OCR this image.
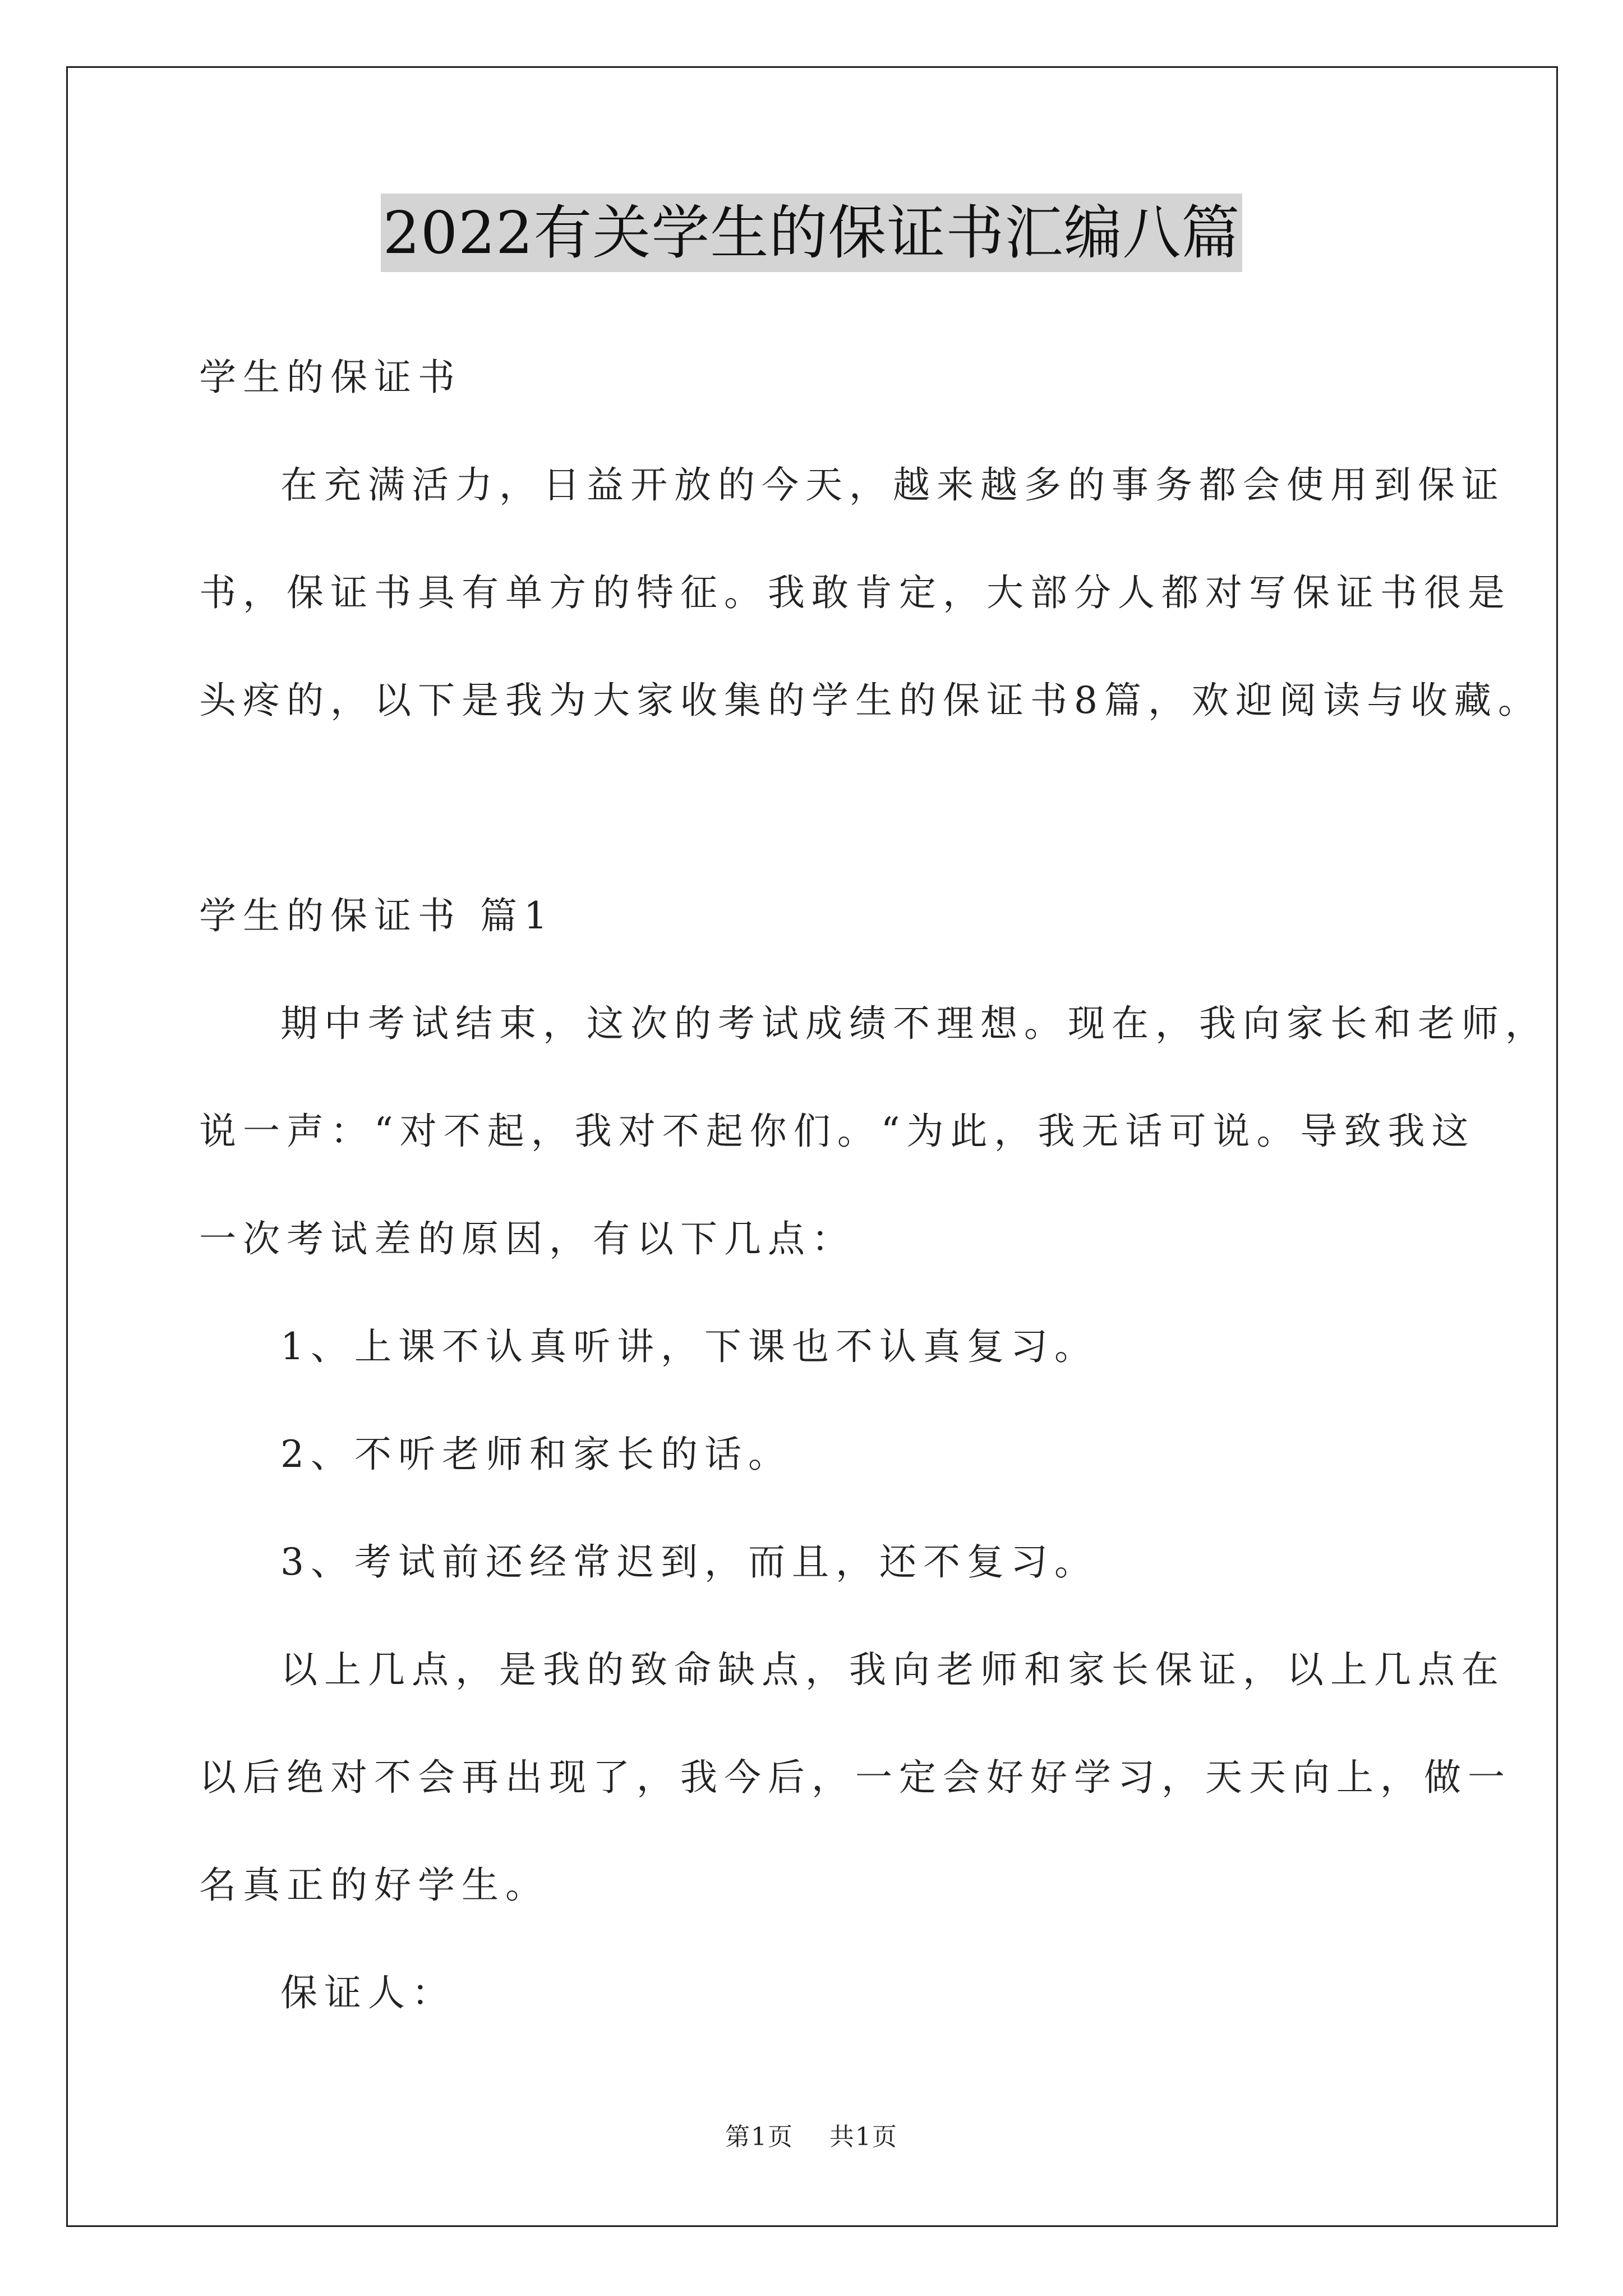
2022有关学生的保证书汇编八篇
学生的保证书
在充满活力，日益开放的今天，越来越多的事务都会使用到保证
书，保证书具有单方的特征。我敢肯定，大部分人都对写保证书很是
头疼的，以下是我为大家收集的学生的保证书8篇，欢迎阅读与收藏。
学生的保证书 篇1
期中考试结束，这次的考试成绩不理想。现在，我向家长和老师，
说一声：“对不起，我对不起你们。“为此，我无话可说。导致我这
一次考试差的原因，有以下几点：
1、上课不认真听讲，下课也不认真复习。
2、不听老师和家长的话。
3、考试前还经常迟到，而且，还不复习。
以上几点，是我的致命缺点，我向老师和家长保证，以上几点在
以后绝对不会再出现了，我今后，一定会好好学习，天天向上，做一
名真正的好学生。
保证人：
第1页 共1页
